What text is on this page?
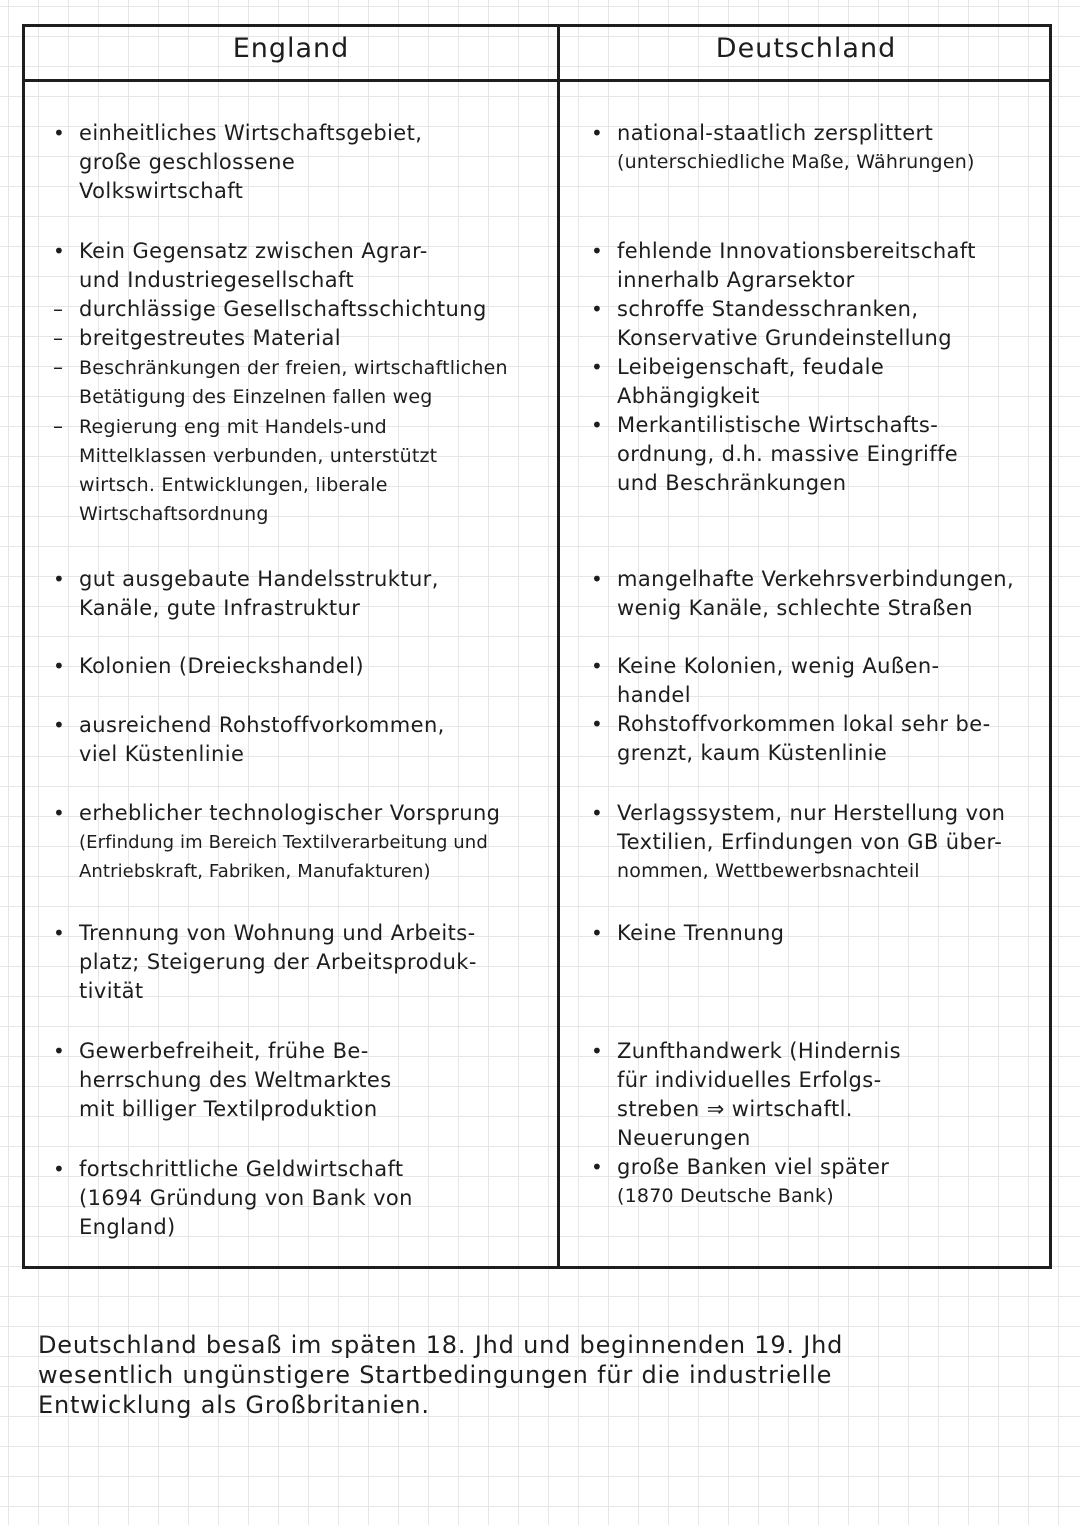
England	Deutschland
•
einheitliches Wirtschaftsgebiet,
große geschlossene
Volkswirtschaft
•
Kein Gegensatz zwischen Agrar-
und Industriegesellschaft
–
durchlässige Gesellschaftsschichtung
–
breitgestreutes Material
–
Beschränkungen der freien, wirtschaftlichen
Betätigung des Einzelnen fallen weg
–
Regierung eng mit Handels-und
Mittelklassen verbunden, unterstützt
wirtsch. Entwicklungen, liberale
Wirtschaftsordnung
•
gut ausgebaute Handelsstruktur,
Kanäle, gute Infrastruktur
•
Kolonien (Dreieckshandel)
•
ausreichend Rohstoffvorkommen,
viel Küstenlinie
•
erheblicher technologischer Vorsprung
(Erfindung im Bereich Textilverarbeitung und
Antriebskraft, Fabriken, Manufakturen)
•
Trennung von Wohnung und Arbeits-
platz; Steigerung der Arbeitsproduk-
tivität
•
Gewerbefreiheit, frühe Be-
herrschung des Weltmarktes
mit billiger Textilproduktion
•
fortschrittliche Geldwirtschaft
(1694 Gründung von Bank von
England)
•
national-staatlich zersplittert
(unterschiedliche Maße, Währungen)
•
fehlende Innovationsbereitschaft
innerhalb Agrarsektor
•
schroffe Standesschranken,
Konservative Grundeinstellung
•
Leibeigenschaft, feudale
Abhängigkeit
•
Merkantilistische Wirtschafts-
ordnung, d.h. massive Eingriffe
und Beschränkungen
•
mangelhafte Verkehrsverbindungen,
wenig Kanäle, schlechte Straßen
•
Keine Kolonien, wenig Außen-
handel
•
Rohstoffvorkommen lokal sehr be-
grenzt, kaum Küstenlinie
•
Verlagssystem, nur Herstellung von
Textilien, Erfindungen von GB über-
nommen, Wettbewerbsnachteil
•
Keine Trennung
•
Zunfthandwerk (Hindernis
für individuelles Erfolgs-
streben ⇒ wirtschaftl.
Neuerungen
•
große Banken viel später
(1870 Deutsche Bank)
Deutschland besaß im späten 18. Jhd und beginnenden 19. Jhd
wesentlich ungünstigere Startbedingungen für die industrielle
Entwicklung als Großbritanien.
